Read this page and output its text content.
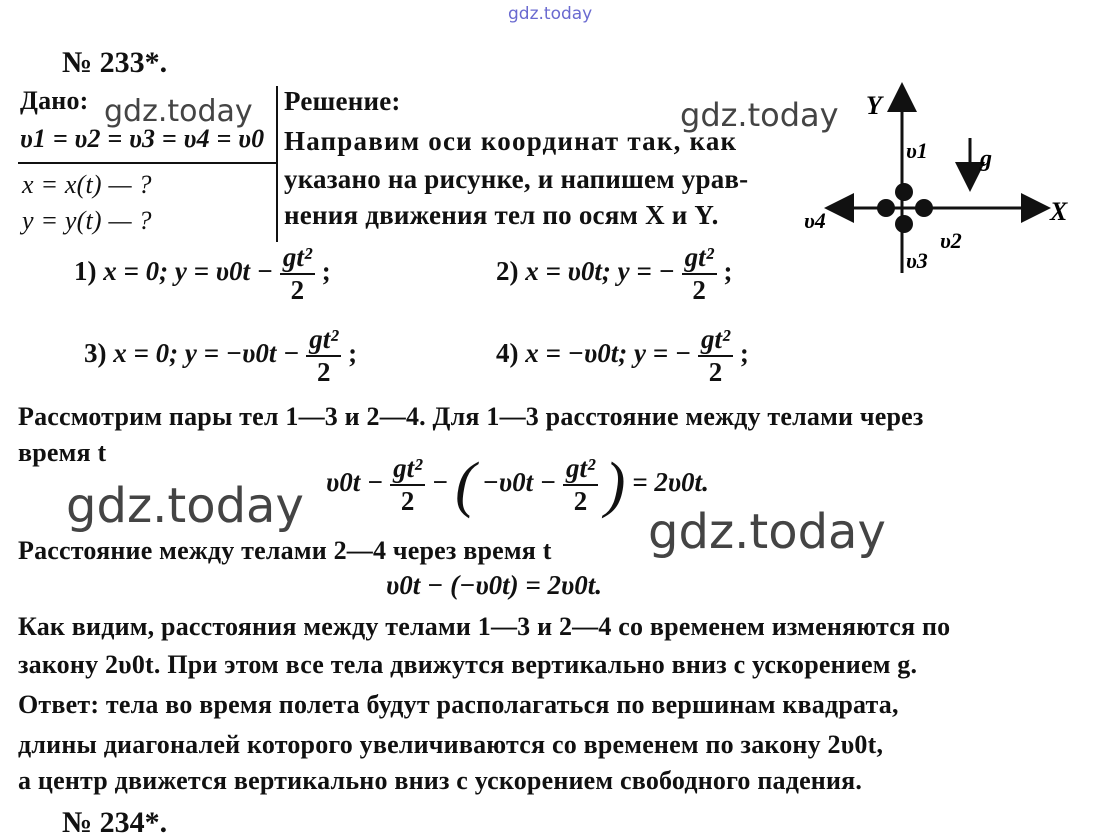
gdz.today
№ 233*.
Дано: gdz.today
υ1 = υ2 = υ3 = υ4 = υ0
x = x(t) — ?
y = y(t) — ?
Решение:	gdz.today
Направим оси координат так, как
указано на рисунке, и напишем урав-
нения движения тел по осям X и Y.
Y
X
υ1
υ2
υ3
υ4
g
1) x = 0; $y = \upsilon 0t - \frac{\text{gt²}}{2}$ ;	2) x = υ0t; y = − $\frac{\text{gt²}}{2}$ ;
3) x = 0; $y = -\upsilon 0t - \frac{\text{gt²}}{2}$ ;	4) x = −υ0t; y = − $\frac{\text{gt²}}{2}$ ;
Рассмотрим пары тел 1—3 и 2—4. Для 1—3 расстояние между телами через
время t
$\upsilon 0t - \frac{\text{gt²}}{2}$ − ( $-\upsilon 0t - \frac{\text{gt²}}{2}$ ) = 2υ0t.
gdz.today	gdz.today
Расстояние между телами 2—4 через время t
υ0t − (−υ0t) = 2υ0t.
Как видим, расстояния между телами 1—3 и 2—4 со временем изменяются по
закону 2υ0t. При этом все тела движутся вертикально вниз с ускорением g.
Ответ: тела во время полета будут располагаться по вершинам квадрата,
длины диагоналей которого увеличиваются со временем по закону 2υ0t,
а центр движется вертикально вниз с ускорением свободного падения.
№ 234*.
